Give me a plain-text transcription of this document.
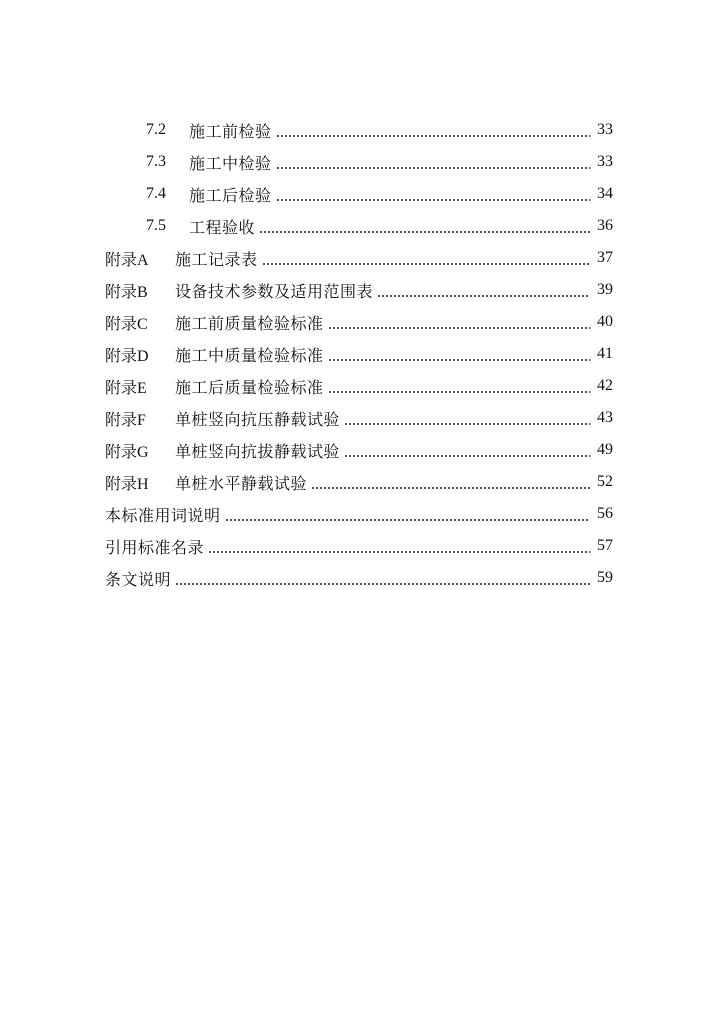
7.2	施工前检验	33
7.3	施工中检验	33
7.4	施工后检验	34
7.5	工程验收	36
附录A	施工记录表	37
附录B	设备技术参数及适用范围表	39
附录C	施工前质量检验标准	40
附录D	施工中质量检验标准	41
附录E	施工后质量检验标准	42
附录F	单桩竖向抗压静载试验	43
附录G	单桩竖向抗拔静载试验	49
附录H	单桩水平静载试验	52
本标准用词说明	56
引用标准名录	57
条文说明	59
